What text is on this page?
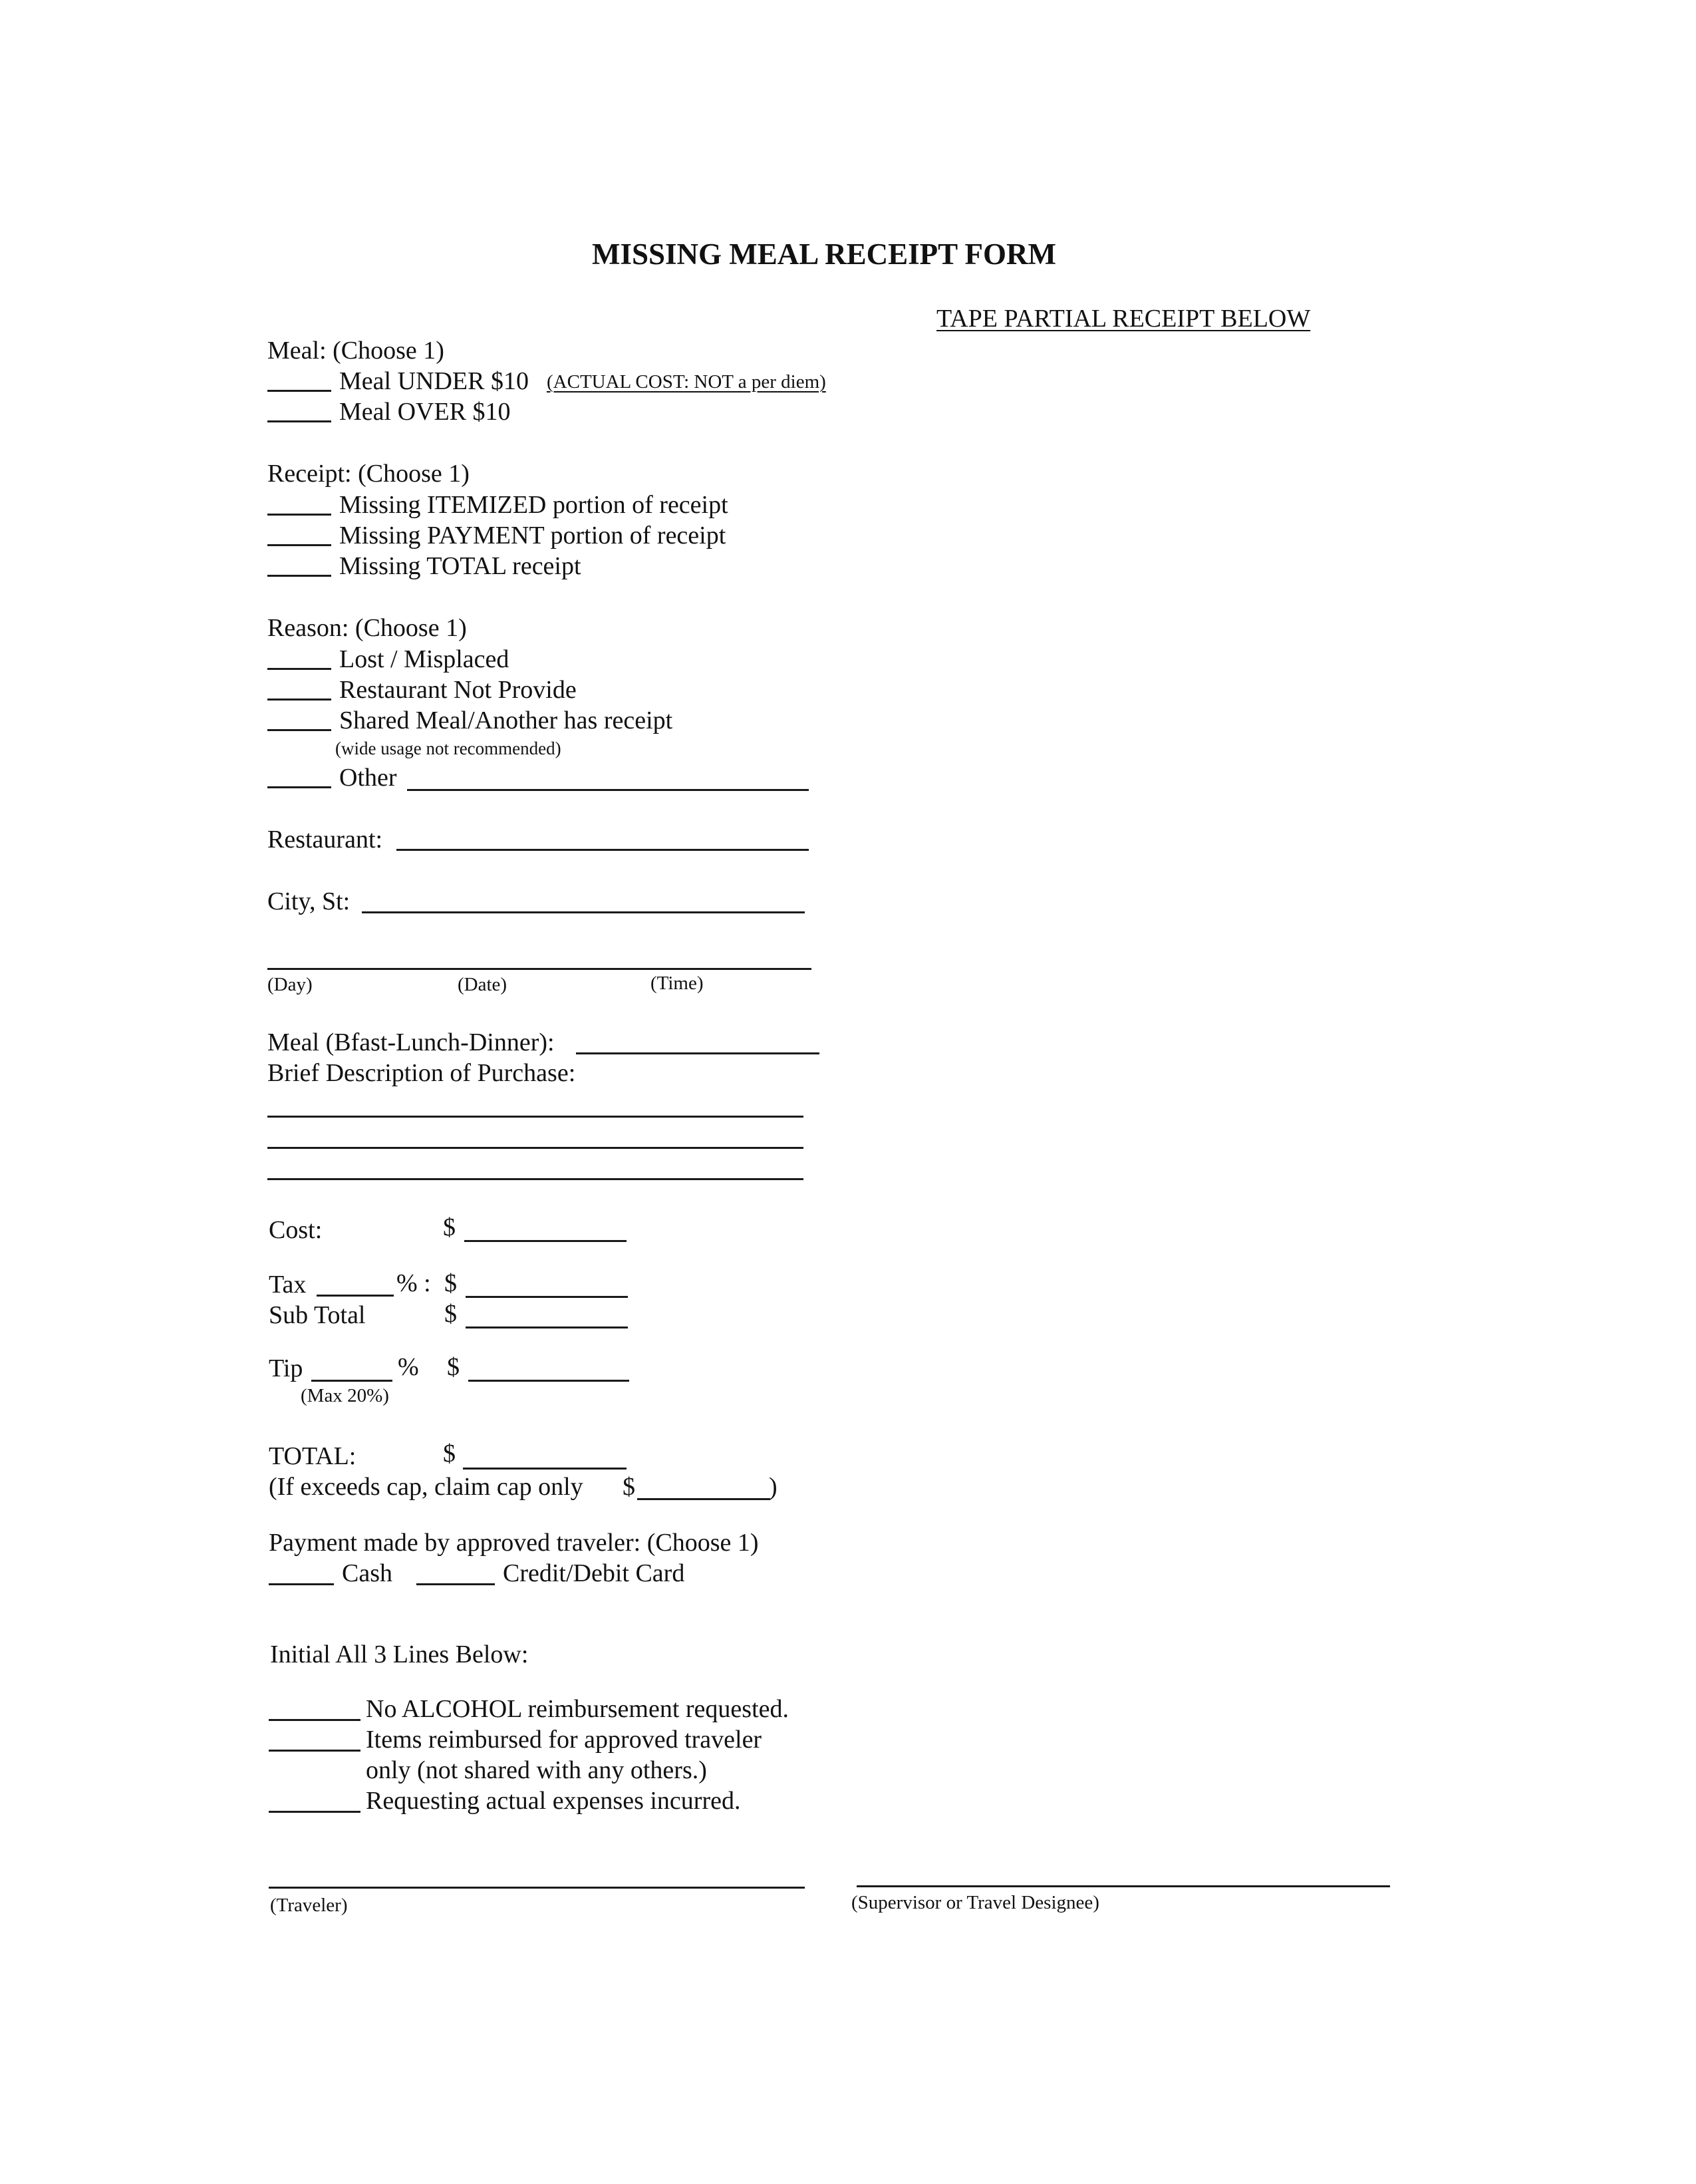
MISSING MEAL RECEIPT FORM
TAPE PARTIAL RECEIPT BELOW
Meal: (Choose 1)
Meal UNDER $10 (ACTUAL COST: NOT a per diem)
Meal OVER $10
Receipt: (Choose 1)
Missing ITEMIZED portion of receipt
Missing PAYMENT portion of receipt
Missing TOTAL receipt
Reason: (Choose 1)
Lost / Misplaced
Restaurant Not Provide
Shared Meal/Another has receipt
(wide usage not recommended)
Other
Restaurant:
City, St:
(Day)	(Date)	(Time)
Meal (Bfast-Lunch-Dinner):
Brief Description of Purchase:
Cost:	$
Tax	% : $
Sub Total	$
Tip	% $
(Max 20%)
TOTAL:	$
(If exceeds cap, claim cap only $	)
Payment made by approved traveler: (Choose 1)
Cash	Credit/Debit Card
Initial All 3 Lines Below:
No ALCOHOL reimbursement requested.
Items reimbursed for approved traveler
only (not shared with any others.)
Requesting actual expenses incurred.
(Traveler)	(Supervisor or Travel Designee)
